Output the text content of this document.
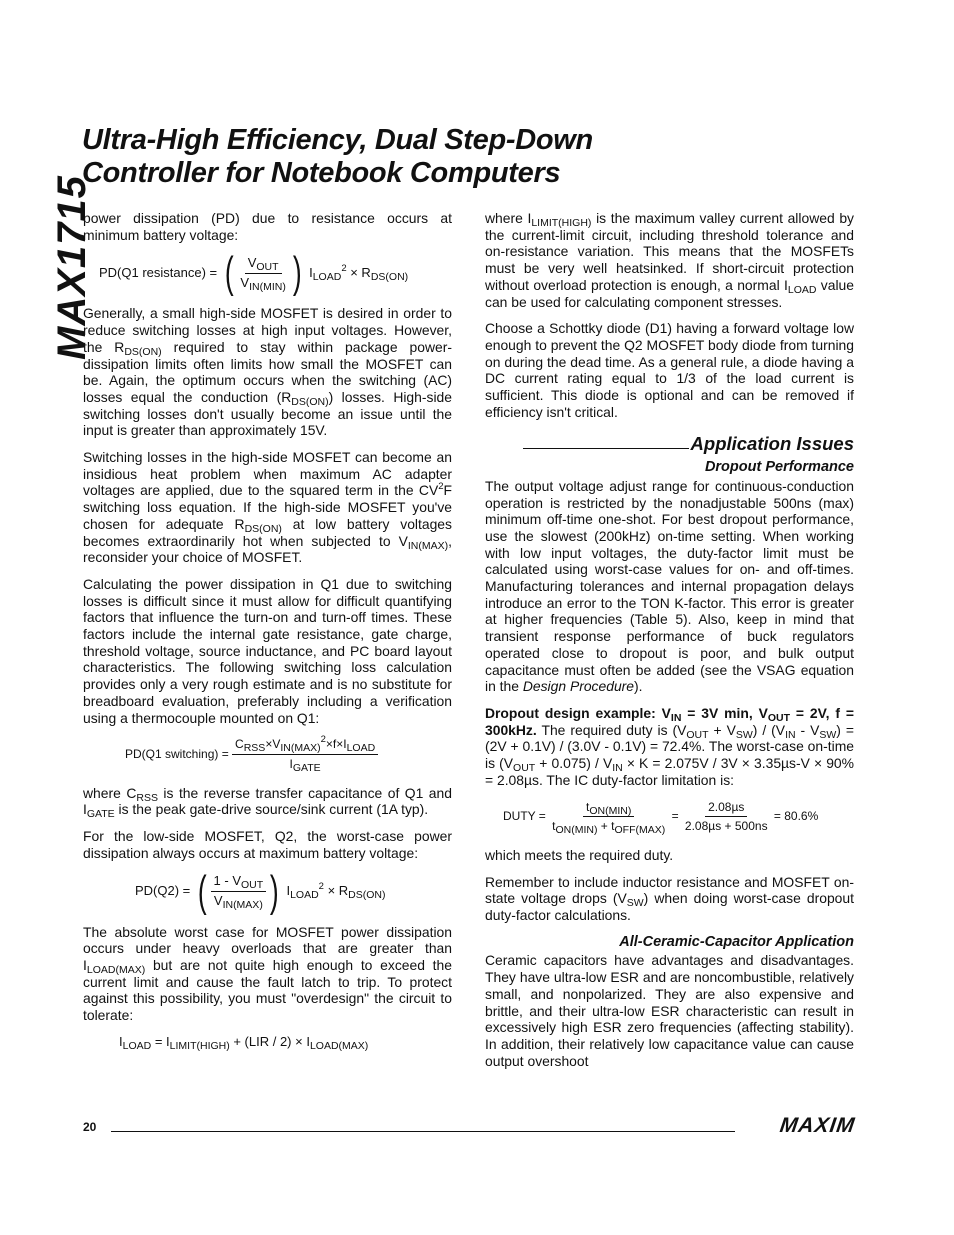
MAX1715
Ultra-High Efficiency, Dual Step-Down
Controller for Notebook Computers

power dissipation (PD) due to resistance occurs at minimum battery voltage:

PD(Q1 resistance) = ( $\frac{V_{OUT}}{V_{IN(MIN)}}$ ) $I_{LOAD}^2 \times R_{DS(ON)}$

Generally, a small high-side MOSFET is desired in order to reduce switching losses at high input voltages. However, the $R_{DS(ON)}$ required to stay within package power-dissipation limits often limits how small the MOSFET can be. Again, the optimum occurs when the switching (AC) losses equal the conduction $(R_{DS(ON)})$ losses. High-side switching losses don't usually become an issue until the input is greater than approximately 15V.

Switching losses in the high-side MOSFET can become an insidious heat problem when maximum AC adapter voltages are applied, due to the squared term in the $CV^2F$ switching loss equation. If the high-side MOSFET you've chosen for adequate $R_{DS(ON)}$ at low battery voltages becomes extraordinarily hot when subjected to $V_{IN(MAX)}$, reconsider your choice of MOSFET.

Calculating the power dissipation in Q1 due to switching losses is difficult since it must allow for difficult quantifying factors that influence the turn-on and turn-off times. These factors include the internal gate resistance, gate charge, threshold voltage, source inductance, and PC board layout characteristics. The following switching loss calculation provides only a very rough estimate and is no substitute for breadboard evaluation, preferably including a verification using a thermocouple mounted on Q1:

PD(Q1 switching) = $\frac{C_{RSS}\times V_{IN(MAX)}^2\times f\times I_{LOAD}}{I_{GATE}}$

where $C_{RSS}$ is the reverse transfer capacitance of Q1 and $I_{GATE}$ is the peak gate-drive source/sink current (1A typ).

For the low-side MOSFET, Q2, the worst-case power dissipation always occurs at maximum battery voltage:

PD(Q2) = ( $\frac{1 - V_{OUT}}{V_{IN(MAX)}}$ ) $I_{LOAD}^2 \times R_{DS(ON)}$

The absolute worst case for MOSFET power dissipation occurs under heavy overloads that are greater than $I_{LOAD(MAX)}$ but are not quite high enough to exceed the current limit and cause the fault latch to trip. To protect against this possibility, you must "overdesign" the circuit to tolerate:

$I_{LOAD} = I_{LIMIT(HIGH)} + (LIR / 2) \times I_{LOAD(MAX)}$

where $I_{LIMIT(HIGH)}$ is the maximum valley current allowed by the current-limit circuit, including threshold tolerance and on-resistance variation. This means that the MOSFETs must be very well heatsinked. If short-circuit protection without overload protection is enough, a normal $I_{LOAD}$ value can be used for calculating component stresses.

Choose a Schottky diode (D1) having a forward voltage low enough to prevent the Q2 MOSFET body diode from turning on during the dead time. As a general rule, a diode having a DC current rating equal to 1/3 of the load current is sufficient. This diode is optional and can be removed if efficiency isn't critical.

Application Issues
Dropout Performance

The output voltage adjust range for continuous-conduction operation is restricted by the nonadjustable 500ns (max) minimum off-time one-shot. For best dropout performance, use the slowest (200kHz) on-time setting. When working with low input voltages, the duty-factor limit must be calculated using worst-case values for on- and off-times. Manufacturing tolerances and internal propagation delays introduce an error to the TON K-factor. This error is greater at higher frequencies (Table 5). Also, keep in mind that transient response performance of buck regulators operated close to dropout is poor, and bulk output capacitance must often be added (see the VSAG equation in the Design Procedure).

Dropout design example: $V_{IN} = 3V$ min, $V_{OUT} = 2V$, f = 300kHz. The required duty is $(V_{OUT} + V_{SW}) / (V_{IN} - V_{SW}) = (2V + 0.1V) / (3.0V - 0.1V) = 72.4\%$. The worst-case on-time is $(V_{OUT} + 0.075) / V_{IN} \times K = 2.075V / 3V \times 3.35\mu s-V \times 90\% = 2.08\mu s$. The IC duty-factor limitation is:

DUTY = $\frac{t_{ON(MIN)}}{t_{ON(MIN)} + t_{OFF(MAX)}} = \frac{\text{2.08µs}}{\text{2.08µs + 500ns}} = 80.6\%$

which meets the required duty.

Remember to include inductor resistance and MOSFET on-state voltage drops $(V_{SW})$ when doing worst-case dropout duty-factor calculations.

All-Ceramic-Capacitor Application

Ceramic capacitors have advantages and disadvantages. They have ultra-low ESR and are noncombustible, relatively small, and nonpolarized. They are also expensive and brittle, and their ultra-low ESR characteristic can result in excessively high ESR zero frequencies (affecting stability). In addition, their relatively low capacitance value can cause output overshoot

20	MAXIM
